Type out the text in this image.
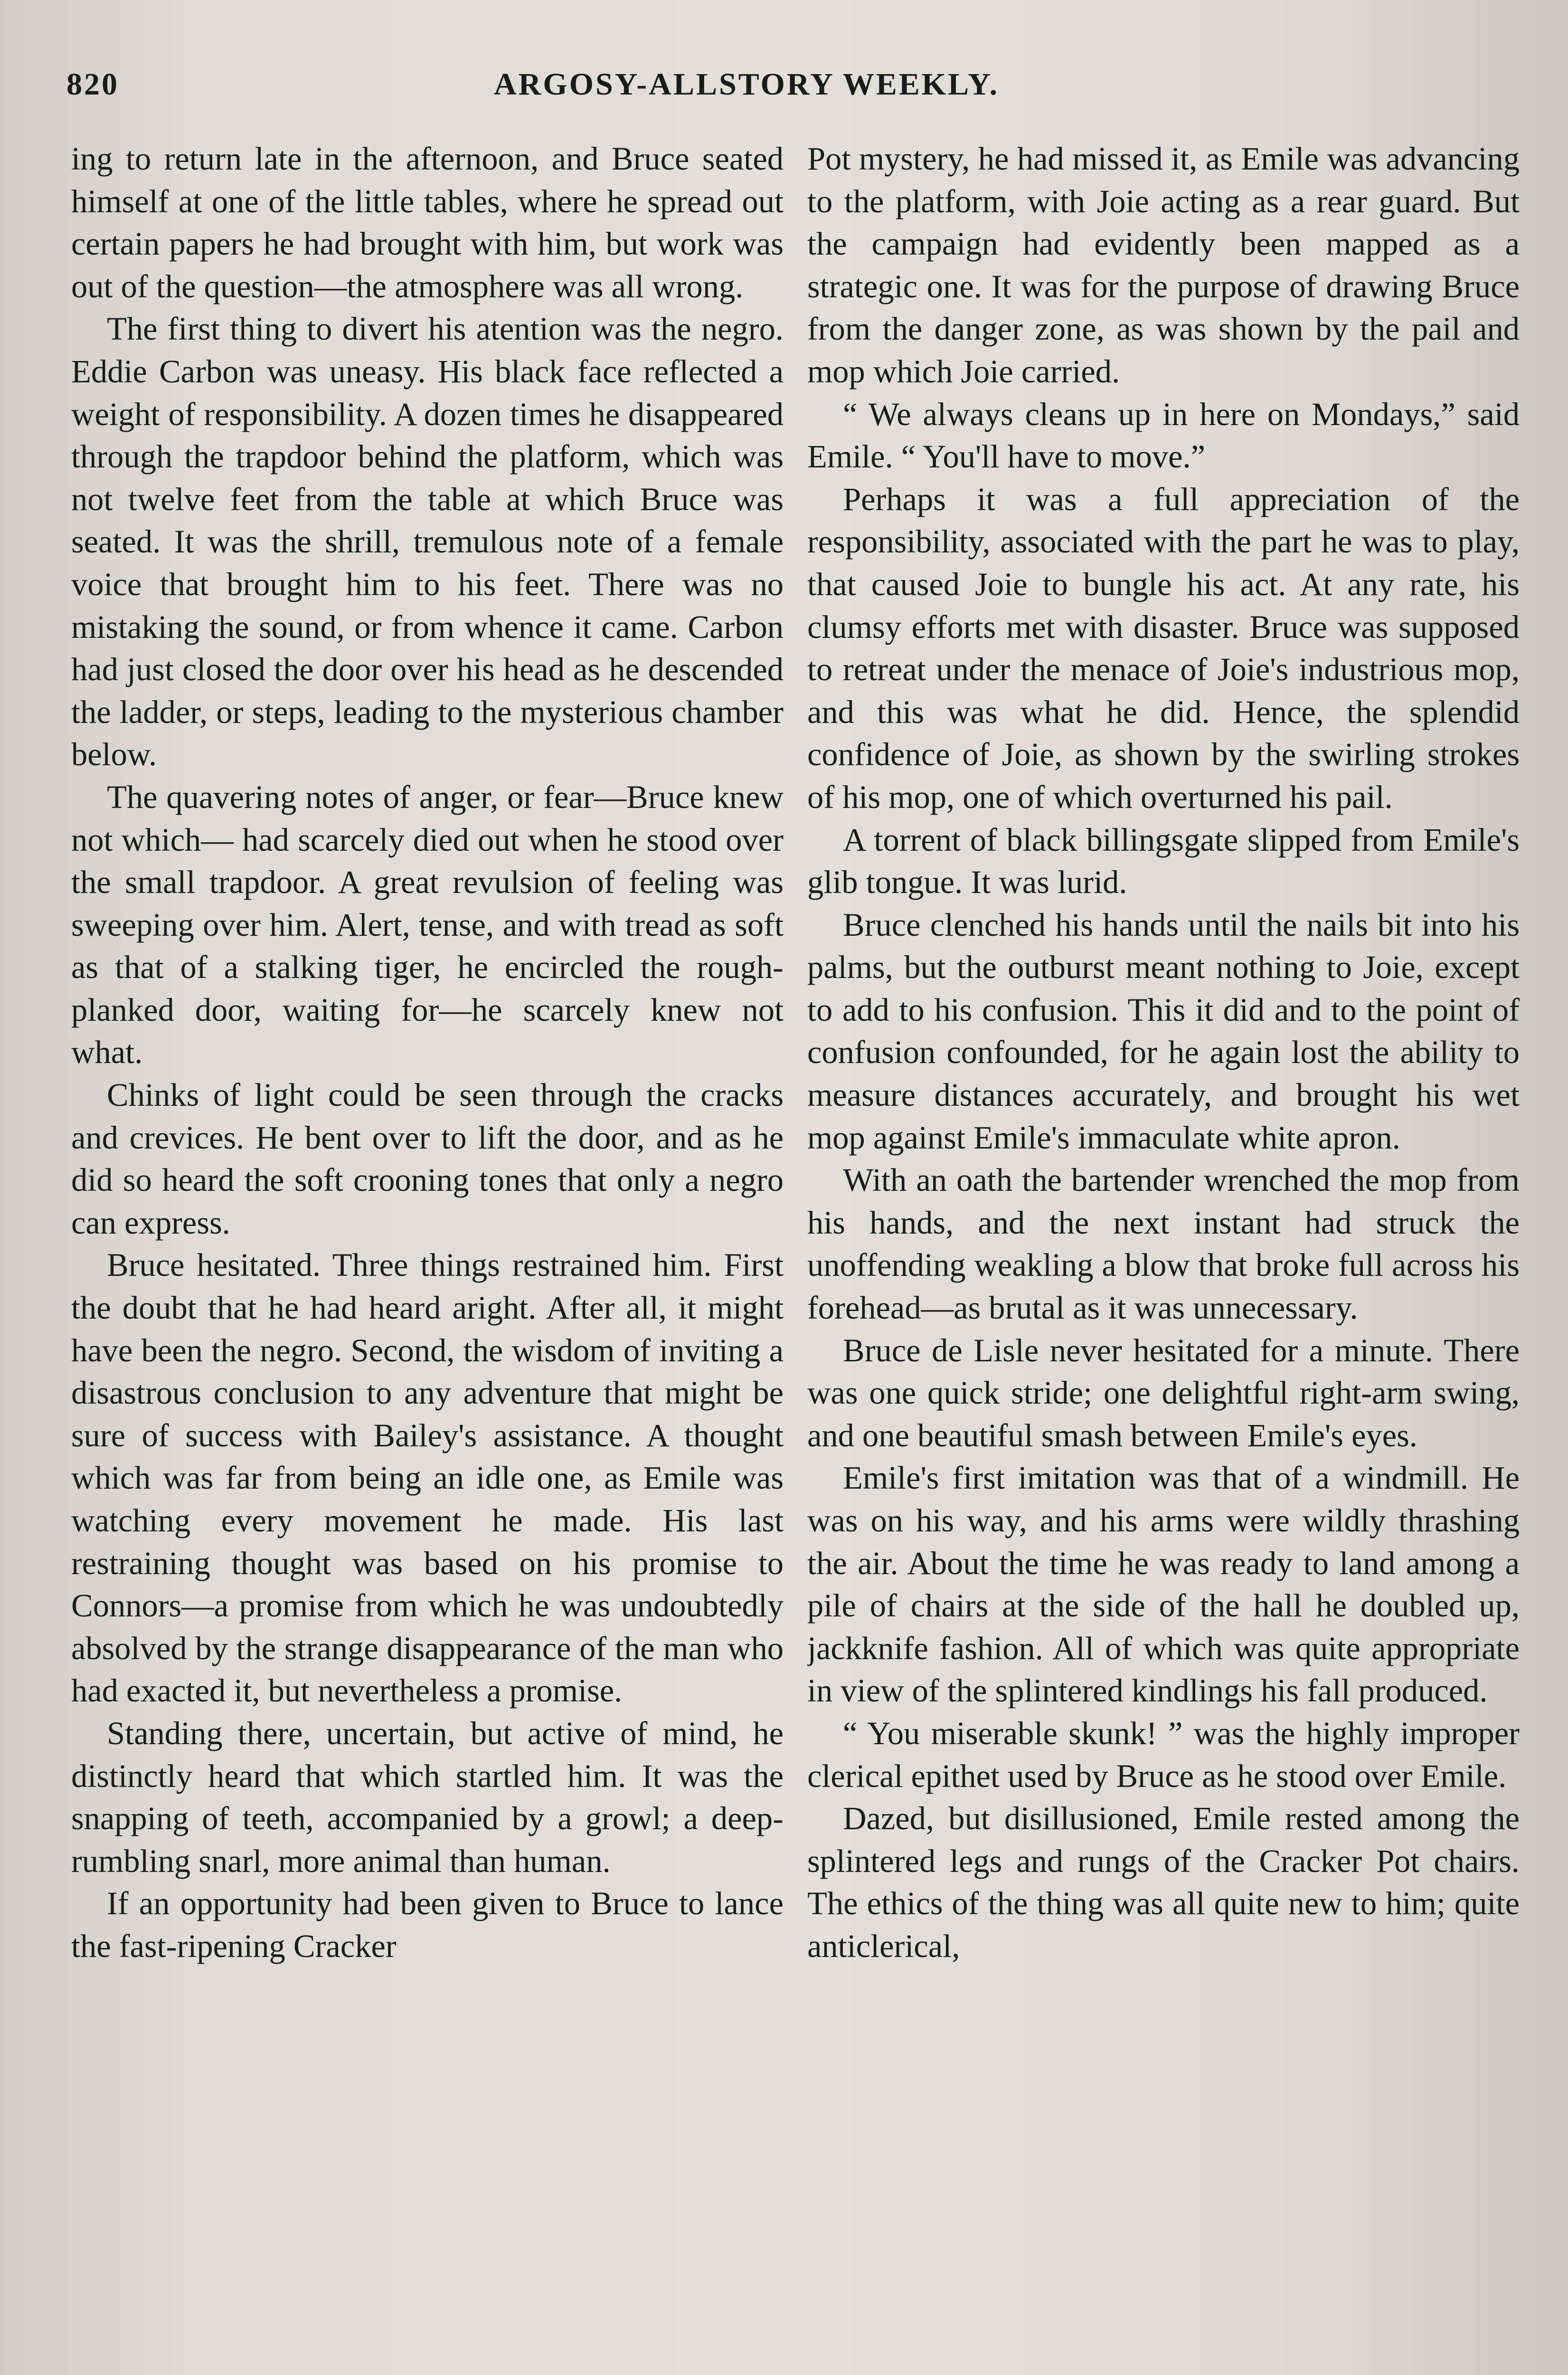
820	ARGOSY-ALLSTORY WEEKLY.

ing to return late in the afternoon, and Bruce seated himself at one of the little tables, where he spread out certain papers he had brought with him, but work was out of the question—the atmosphere was all wrong.

The first thing to divert his atention was the negro. Eddie Carbon was uneasy. His black face reflected a weight of responsibility. A dozen times he disappeared through the trapdoor behind the platform, which was not twelve feet from the table at which Bruce was seated. It was the shrill, tremulous note of a female voice that brought him to his feet. There was no mistaking the sound, or from whence it came. Carbon had just closed the door over his head as he descended the ladder, or steps, leading to the mysterious chamber below.

The quavering notes of anger, or fear—Bruce knew not which— had scarcely died out when he stood over the small trapdoor. A great revulsion of feeling was sweeping over him. Alert, tense, and with tread as soft as that of a stalking tiger, he encircled the rough-planked door, waiting for—he scarcely knew not what.

Chinks of light could be seen through the cracks and crevices. He bent over to lift the door, and as he did so heard the soft crooning tones that only a negro can express.

Bruce hesitated. Three things restrained him. First the doubt that he had heard aright. After all, it might have been the negro. Second, the wisdom of inviting a disastrous conclusion to any adventure that might be sure of success with Bailey's assistance. A thought which was far from being an idle one, as Emile was watching every movement he made. His last restraining thought was based on his promise to Connors—a promise from which he was undoubtedly absolved by the strange disappearance of the man who had exacted it, but nevertheless a promise.

Standing there, uncertain, but active of mind, he distinctly heard that which startled him. It was the snapping of teeth, accompanied by a growl; a deep-rumbling snarl, more animal than human.

If an opportunity had been given to Bruce to lance the fast-ripening Cracker

Pot mystery, he had missed it, as Emile was advancing to the platform, with Joie acting as a rear guard. But the campaign had evidently been mapped as a strategic one. It was for the purpose of drawing Bruce from the danger zone, as was shown by the pail and mop which Joie carried.

“ We always cleans up in here on Mondays,” said Emile. “ You'll have to move.”

Perhaps it was a full appreciation of the responsibility, associated with the part he was to play, that caused Joie to bungle his act. At any rate, his clumsy efforts met with disaster. Bruce was supposed to retreat under the menace of Joie's industrious mop, and this was what he did. Hence, the splendid confidence of Joie, as shown by the swirling strokes of his mop, one of which overturned his pail.

A torrent of black billingsgate slipped from Emile's glib tongue. It was lurid.

Bruce clenched his hands until the nails bit into his palms, but the outburst meant nothing to Joie, except to add to his confusion. This it did and to the point of confusion confounded, for he again lost the ability to measure distances accurately, and brought his wet mop against Emile's immaculate white apron.

With an oath the bartender wrenched the mop from his hands, and the next instant had struck the unoffending weakling a blow that broke full across his forehead—as brutal as it was unnecessary.

Bruce de Lisle never hesitated for a minute. There was one quick stride; one delightful right-arm swing, and one beautiful smash between Emile's eyes.

Emile's first imitation was that of a windmill. He was on his way, and his arms were wildly thrashing the air. About the time he was ready to land among a pile of chairs at the side of the hall he doubled up, jackknife fashion. All of which was quite appropriate in view of the splintered kindlings his fall produced.

“ You miserable skunk! ” was the highly improper clerical epithet used by Bruce as he stood over Emile.

Dazed, but disillusioned, Emile rested among the splintered legs and rungs of the Cracker Pot chairs. The ethics of the thing was all quite new to him; quite anticlerical,
